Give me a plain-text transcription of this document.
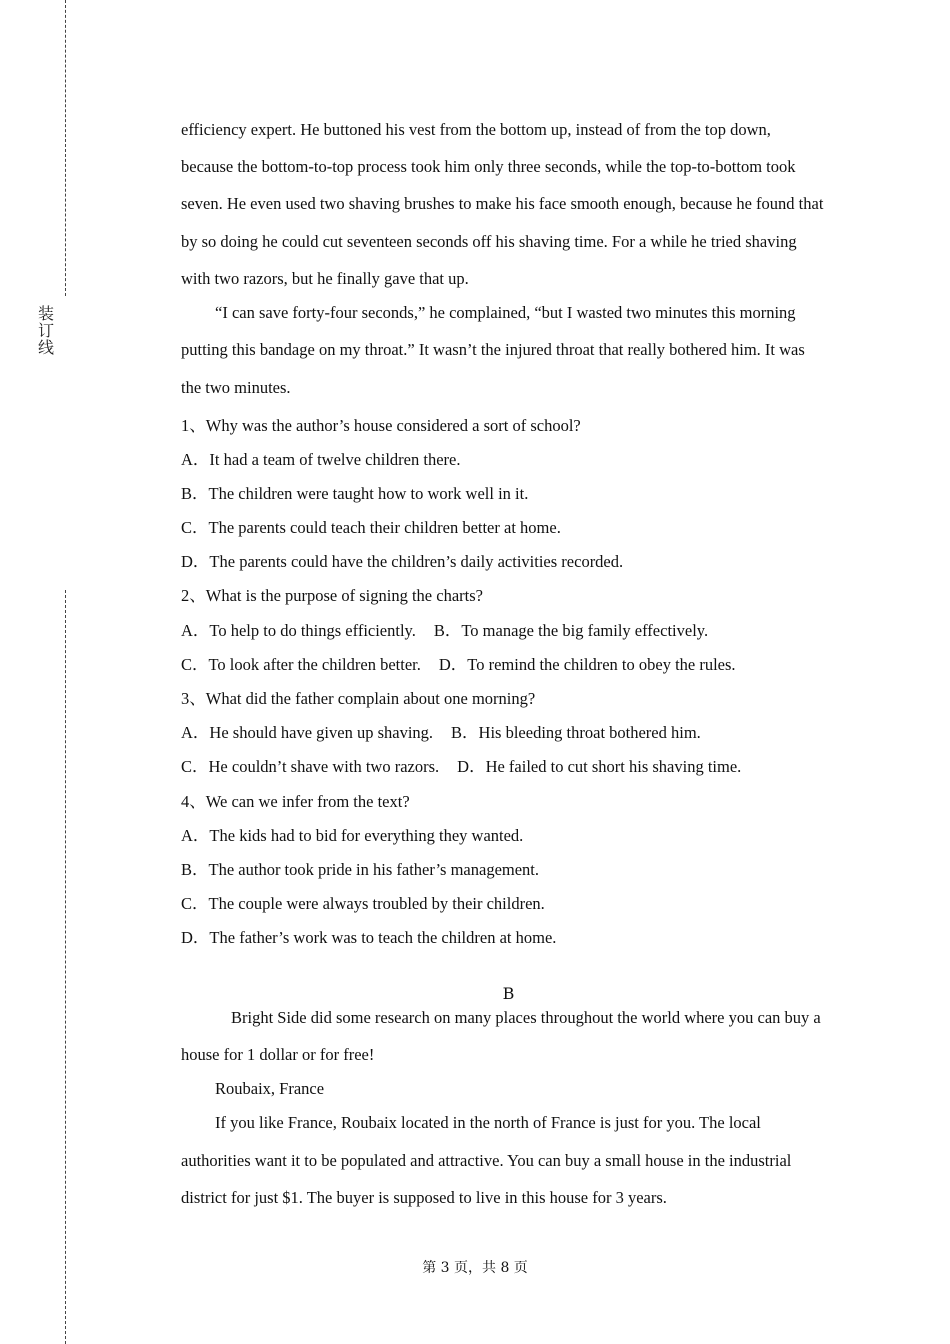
装
订
线
efficiency expert. He buttoned his vest from the bottom up, instead of from the top down,
because the bottom-to-top process took him only three seconds, while the top-to-bottom took
seven. He even used two shaving brushes to make his face smooth enough, because he found that
by so doing he could cut seventeen seconds off his shaving time. For a while he tried shaving
with two razors, but he finally gave that up.
“I can save forty-four seconds,” he complained, “but I wasted two minutes this morning
putting this bandage on my throat.” It wasn’t the injured throat that really bothered him. It was
the two minutes.
1、Why was the author’s house considered a sort of school?
A．It had a team of twelve children there.
B．The children were taught how to work well in it.
C．The parents could teach their children better at home.
D．The parents could have the children’s daily activities recorded.
2、What is the purpose of signing the charts?
A．To help to do things efficiently. B．To manage the big family effectively.
C．To look after the children better. D．To remind the children to obey the rules.
3、What did the father complain about one morning?
A．He should have given up shaving. B．His bleeding throat bothered him.
C．He couldn’t shave with two razors. D．He failed to cut short his shaving time.
4、We can we infer from the text?
A．The kids had to bid for everything they wanted.
B．The author took pride in his father’s management.
C．The couple were always troubled by their children.
D．The father’s work was to teach the children at home.
B
Bright Side did some research on many places throughout the world where you can buy a
house for 1 dollar or for free!
Roubaix, France
If you like France, Roubaix located in the north of France is just for you. The local
authorities want it to be populated and attractive. You can buy a small house in the industrial
district for just $1. The buyer is supposed to live in this house for 3 years.
第 3 页，共 8 页
